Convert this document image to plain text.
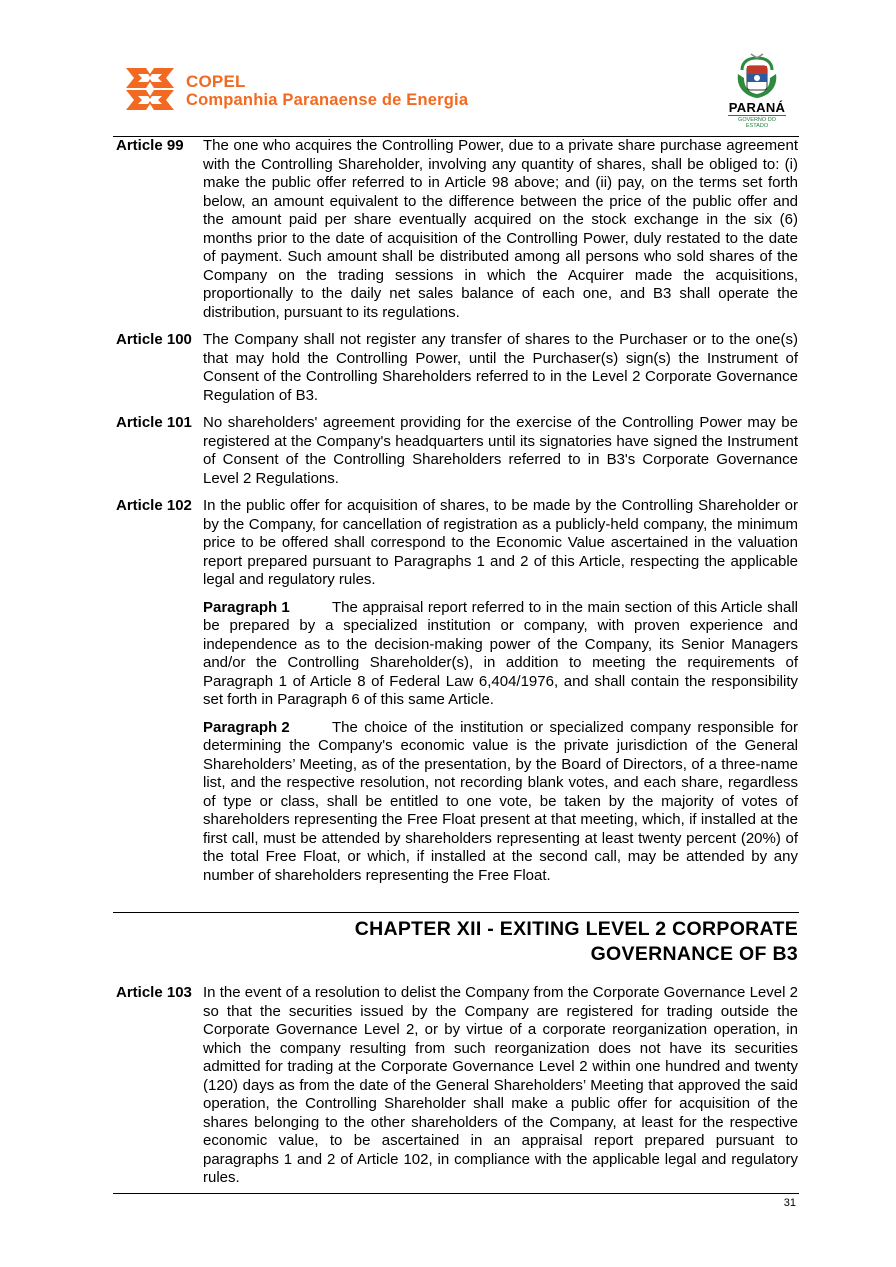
COPEL
Companhia Paranaense de Energia	PARANÁ
GOVERNO DO ESTADO
Article 99	The one who acquires the Controlling Power, due to a private share purchase agreement with the Controlling Shareholder, involving any quantity of shares, shall be obliged to: (i) make the public offer referred to in Article 98 above; and (ii) pay, on the terms set forth below, an amount equivalent to the difference between the price of the public offer and the amount paid per share eventually acquired on the stock exchange in the six (6) months prior to the date of acquisition of the Controlling Power, duly restated to the date of payment. Such amount shall be distributed among all persons who sold shares of the Company on the trading sessions in which the Acquirer made the acquisitions, proportionally to the daily net sales balance of each one, and B3 shall operate the distribution, pursuant to its regulations.
Article 100 The Company shall not register any transfer of shares to the Purchaser or to the one(s) that may hold the Controlling Power, until the Purchaser(s) sign(s) the Instrument of Consent of the Controlling Shareholders referred to in the Level 2 Corporate Governance Regulation of B3.
Article 101 No shareholders' agreement providing for the exercise of the Controlling Power may be registered at the Company's headquarters until its signatories have signed the Instrument of Consent of the Controlling Shareholders referred to in B3's Corporate Governance Level 2 Regulations.
Article 102 In the public offer for acquisition of shares, to be made by the Controlling Shareholder or by the Company, for cancellation of registration as a publicly-held company, the minimum price to be offered shall correspond to the Economic Value ascertained in the valuation report prepared pursuant to Paragraphs 1 and 2 of this Article, respecting the applicable legal and regulatory rules.

Paragraph 1	The appraisal report referred to in the main section of this Article shall be prepared by a specialized institution or company, with proven experience and independence as to the decision-making power of the Company, its Senior Managers and/or the Controlling Shareholder(s), in addition to meeting the requirements of Paragraph 1 of Article 8 of Federal Law 6,404/1976, and shall contain the responsibility set forth in Paragraph 6 of this same Article.

Paragraph 2	The choice of the institution or specialized company responsible for determining the Company's economic value is the private jurisdiction of the General Shareholders’ Meeting, as of the presentation, by the Board of Directors, of a three-name list, and the respective resolution, not recording blank votes, and each share, regardless of type or class, shall be entitled to one vote, be taken by the majority of votes of shareholders representing the Free Float present at that meeting, which, if installed at the first call, must be attended by shareholders representing at least twenty percent (20%) of the total Free Float, or which, if installed at the second call, may be attended by any number of shareholders representing the Free Float.

CHAPTER XII - EXITING LEVEL 2 CORPORATE
GOVERNANCE OF B3
Article 103 In the event of a resolution to delist the Company from the Corporate Governance Level 2 so that the securities issued by the Company are registered for trading outside the Corporate Governance Level 2, or by virtue of a corporate reorganization operation, in which the company resulting from such reorganization does not have its securities admitted for trading at the Corporate Governance Level 2 within one hundred and twenty (120) days as from the date of the General Shareholders’ Meeting that approved the said operation, the Controlling Shareholder shall make a public offer for acquisition of the shares belonging to the other shareholders of the Company, at least for the respective economic value, to be ascertained in an appraisal report prepared pursuant to paragraphs 1 and 2 of Article 102, in compliance with the applicable legal and regulatory rules.
31
